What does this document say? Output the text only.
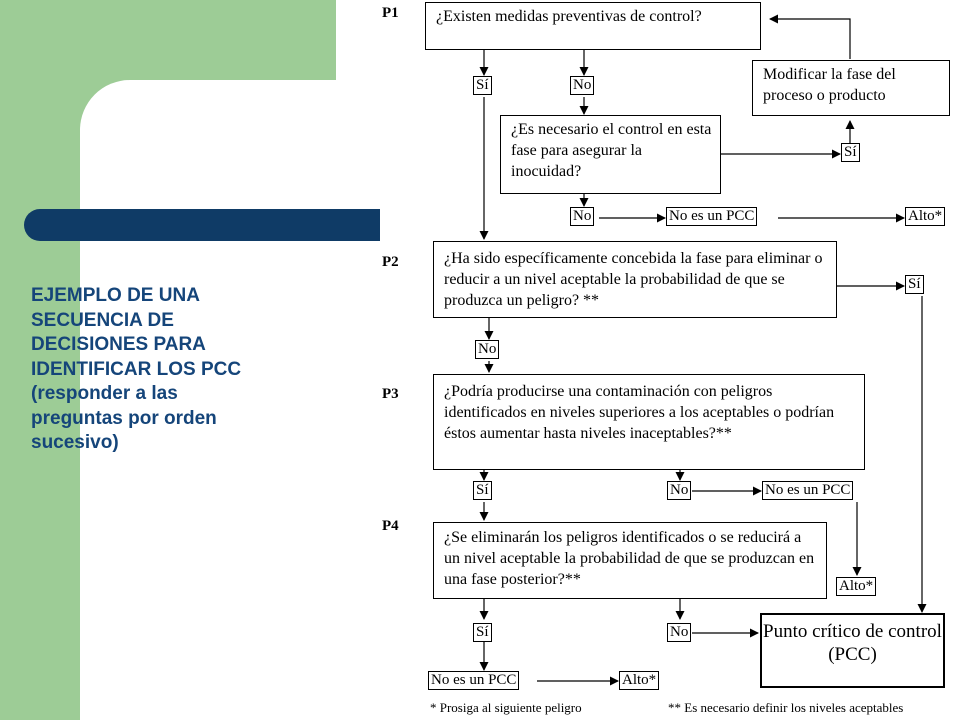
EJEMPLO DE UNA SECUENCIA DE DECISIONES PARA IDENTIFICAR LOS PCC (responder a las preguntas por orden sucesivo)
P1
P2
P3
P4
¿Existen medidas preventivas de control?
¿Es necesario el control en esta fase para asegurar la inocuidad?
Modificar la fase del proceso o producto
¿Ha sido específicamente concebida la fase para eliminar o reducir a un nivel aceptable la probabilidad de que se produzca un peligro? **
¿Podría producirse una contaminación con peligros identificados en niveles superiores a los aceptables o podrían éstos aumentar hasta niveles inaceptables?**
¿Se eliminarán los peligros identificados o se reducirá a un nivel aceptable la probabilidad de que se produzcan en una fase posterior?**
Sí	No
Sí
No	No es un PCC	Alto*
Sí
No
Sí	No	No es un PCC
Alto*
Sí	No
No es un PCC	Alto*
Punto crítico de control (PCC)
* Prosiga al siguiente peligro	** Es necesario definir los niveles aceptables
